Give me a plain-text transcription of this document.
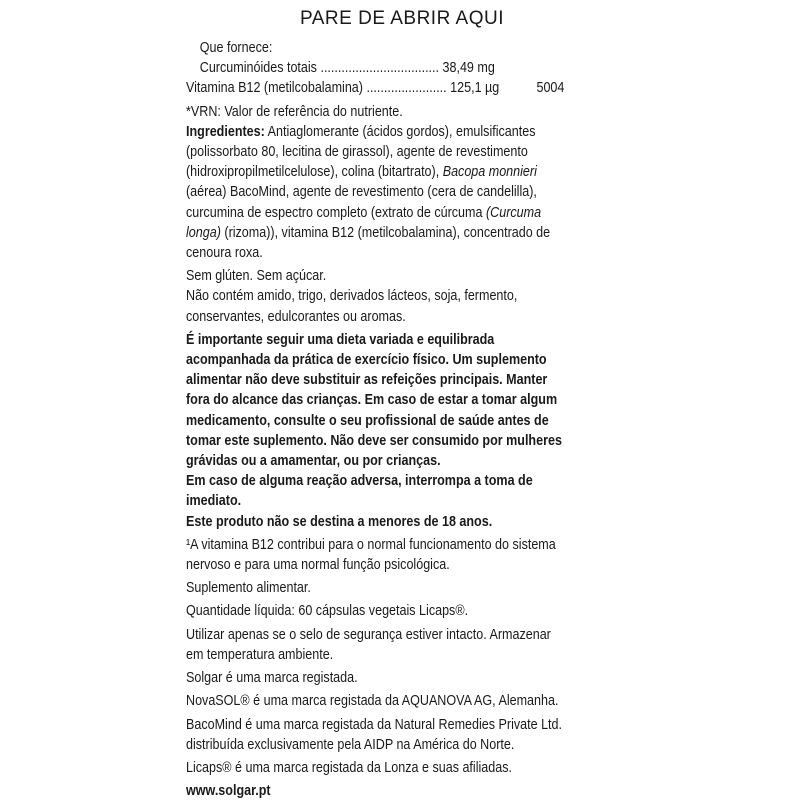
PARE DE ABRIR AQUI

Que fornece:

Curcuminóides totais
..................................
38,49 mg
Vitamina B12 (metilcobalamina)
.......................
125,1 µg	5004

*VRN: Valor de referência do nutriente.

Ingredientes: Antiaglomerante (ácidos gordos), emulsificantes (polissorbato 80, lecitina de girassol), agente de revestimento (hidroxipropilmetilcelulose), colina (bitartrato), Bacopa monnieri (aérea) BacoMind, agente de revestimento (cera de candelilla), curcumina de espectro completo (extrato de cúrcuma (Curcuma longa) (rizoma)), vitamina B12 (metilcobalamina), concentrado de cenoura roxa.

Sem glúten. Sem açúcar.

Não contém amido, trigo, derivados lácteos, soja, fermento, conservantes, edulcorantes ou aromas.

É importante seguir uma dieta variada e equilibrada acompanhada da prática de exercício físico. Um suplemento alimentar não deve substituir as refeições principais. Manter fora do alcance das crianças. Em caso de estar a tomar algum medicamento, consulte o seu profissional de saúde antes de tomar este suplemento. Não deve ser consumido por mulheres grávidas ou a amamentar, ou por crianças.

Em caso de alguma reação adversa, interrompa a toma de imediato.

Este produto não se destina a menores de 18 anos.

¹A vitamina B12 contribui para o normal funcionamento do sistema nervoso e para uma normal função psicológica.

Suplemento alimentar.

Quantidade líquida: 60 cápsulas vegetais Licaps®.

Utilizar apenas se o selo de segurança estiver intacto. Armazenar em temperatura ambiente.

Solgar é uma marca registada.

NovaSOL® é uma marca registada da AQUANOVA AG, Alemanha.

BacoMind é uma marca registada da Natural Remedies Private Ltd. distribuída exclusivamente pela AIDP na América do Norte.

Licaps® é uma marca registada da Lonza e suas afiliadas.

www.solgar.pt
